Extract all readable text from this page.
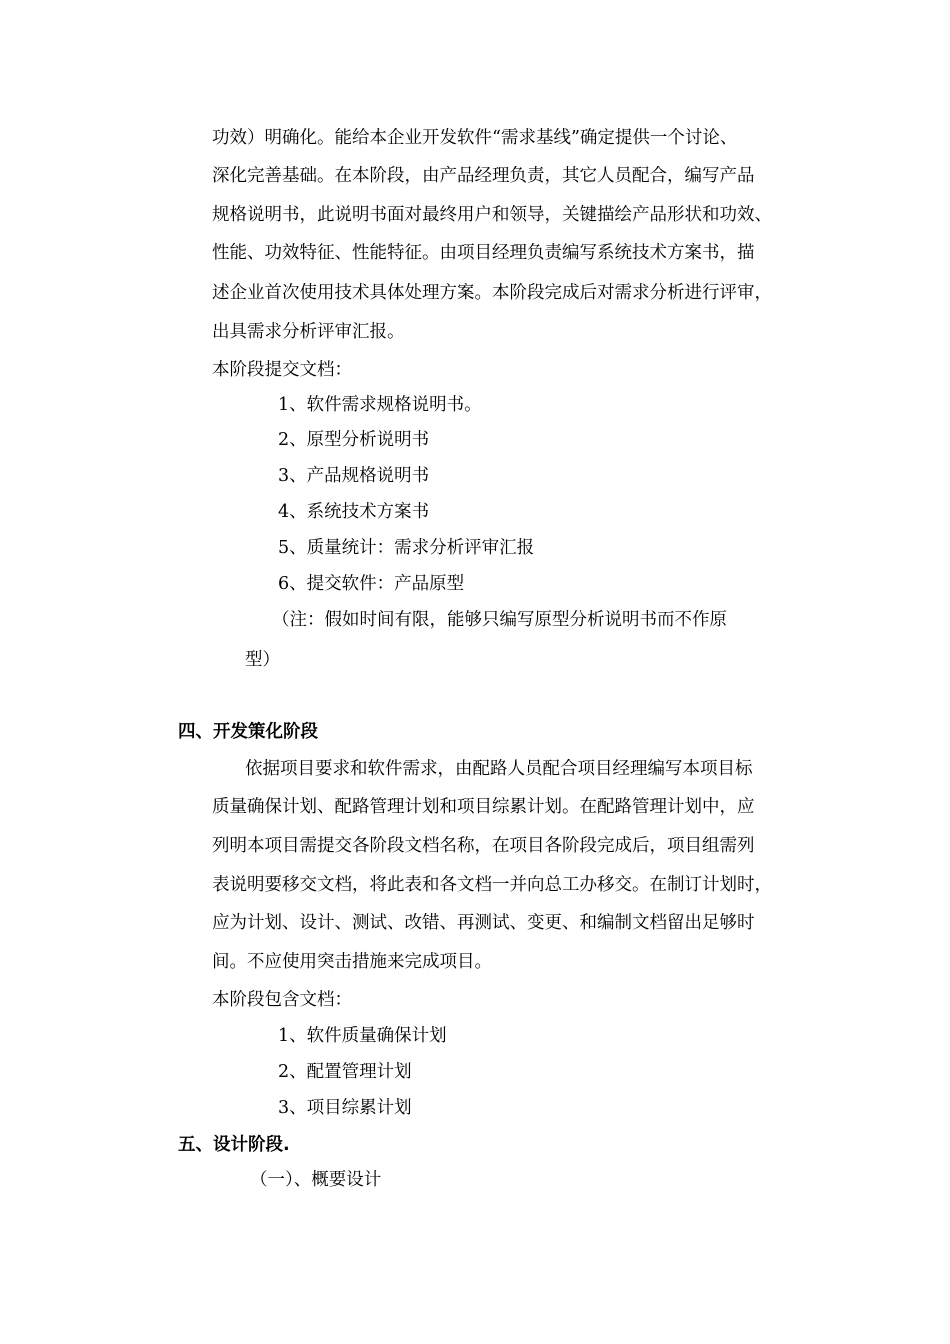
功效）明确化。能给本企业开发软件“需求基线”确定提供一个讨论、
深化完善基础。在本阶段，由产品经理负责，其它人员配合，编写产品
规格说明书，此说明书面对最终用户和领导，关键描绘产品形状和功效、
性能、功效特征、性能特征。由项目经理负责编写系统技术方案书，描
述企业首次使用技术具体处理方案。本阶段完成后对需求分析进行评审，
出具需求分析评审汇报。
本阶段提交文档：
1、软件需求规格说明书。
2、原型分析说明书
3、产品规格说明书
4、系统技术方案书
5、质量统计：需求分析评审汇报
6、提交软件：产品原型
（注：假如时间有限，能够只编写原型分析说明书而不作原
型）
四、开发策化阶段
依据项目要求和软件需求，由配路人员配合项目经理编写本项目标
质量确保计划、配路管理计划和项目综累计划。在配路管理计划中，应
列明本项目需提交各阶段文档名称，在项目各阶段完成后，项目组需列
表说明要移交文档，将此表和各文档一并向总工办移交。在制订计划时，
应为计划、设计、测试、改错、再测试、变更、和编制文档留出足够时
间。不应使用突击措施来完成项目。
本阶段包含文档：
1、软件质量确保计划
2、配置管理计划
3、项目综累计划
五、设计阶段.
（一）、概要设计
